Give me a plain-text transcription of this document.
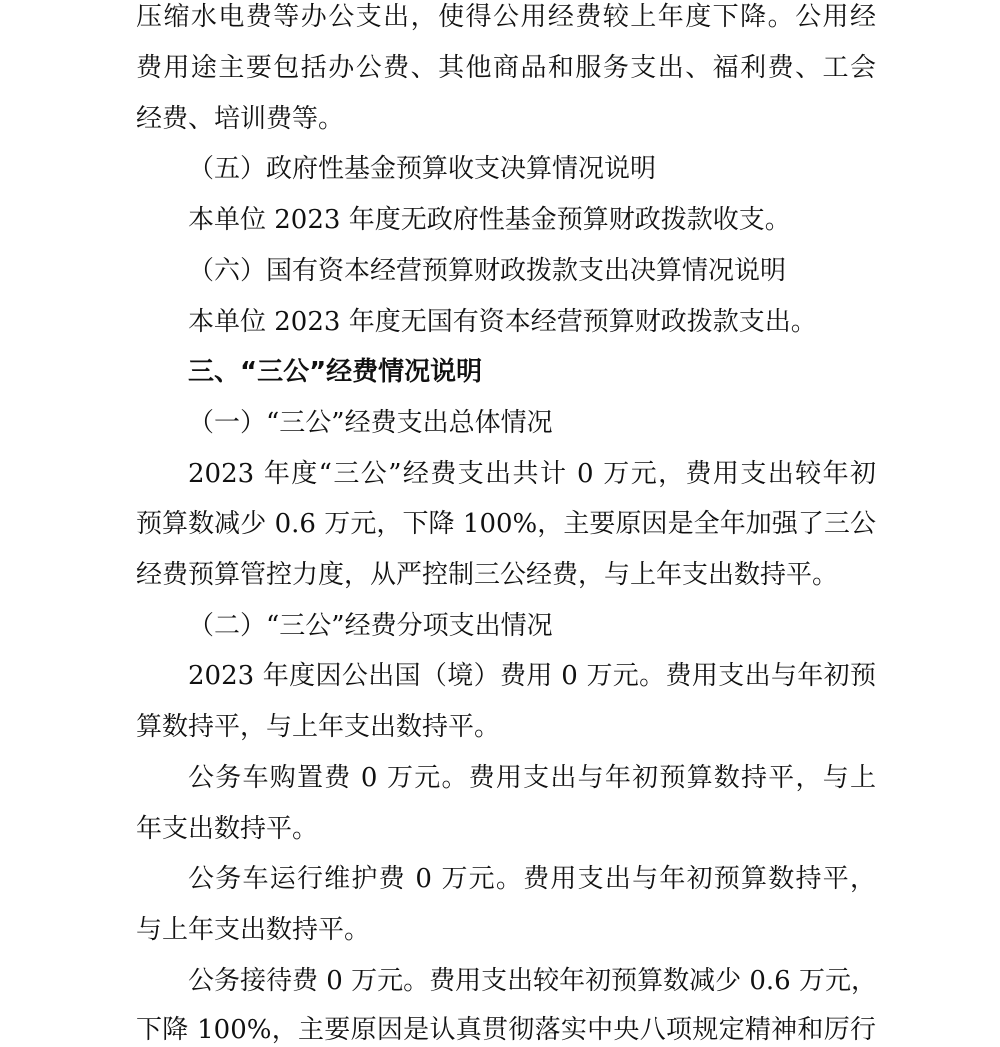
压缩水电费等办公支出，使得公用经费较上年度下降。公用经
费用途主要包括办公费、其他商品和服务支出、福利费、工会
经费、培训费等。
（五）政府性基金预算收支决算情况说明
本单位 2023 年度无政府性基金预算财政拨款收支。
（六）国有资本经营预算财政拨款支出决算情况说明
本单位 2023 年度无国有资本经营预算财政拨款支出。
三、“三公”经费情况说明
（一）“三公”经费支出总体情况
2023 年度“三公”经费支出共计 0 万元，费用支出较年初
预算数减少 0.6 万元，下降 100%，主要原因是全年加强了三公
经费预算管控力度，从严控制三公经费，与上年支出数持平。
（二）“三公”经费分项支出情况
2023 年度因公出国（境）费用 0 万元。费用支出与年初预
算数持平，与上年支出数持平。
公务车购置费 0 万元。费用支出与年初预算数持平，与上
年支出数持平。
公务车运行维护费 0 万元。费用支出与年初预算数持平，
与上年支出数持平。
公务接待费 0 万元。费用支出较年初预算数减少 0.6 万元，
下降 100%，主要原因是认真贯彻落实中央八项规定精神和厉行
